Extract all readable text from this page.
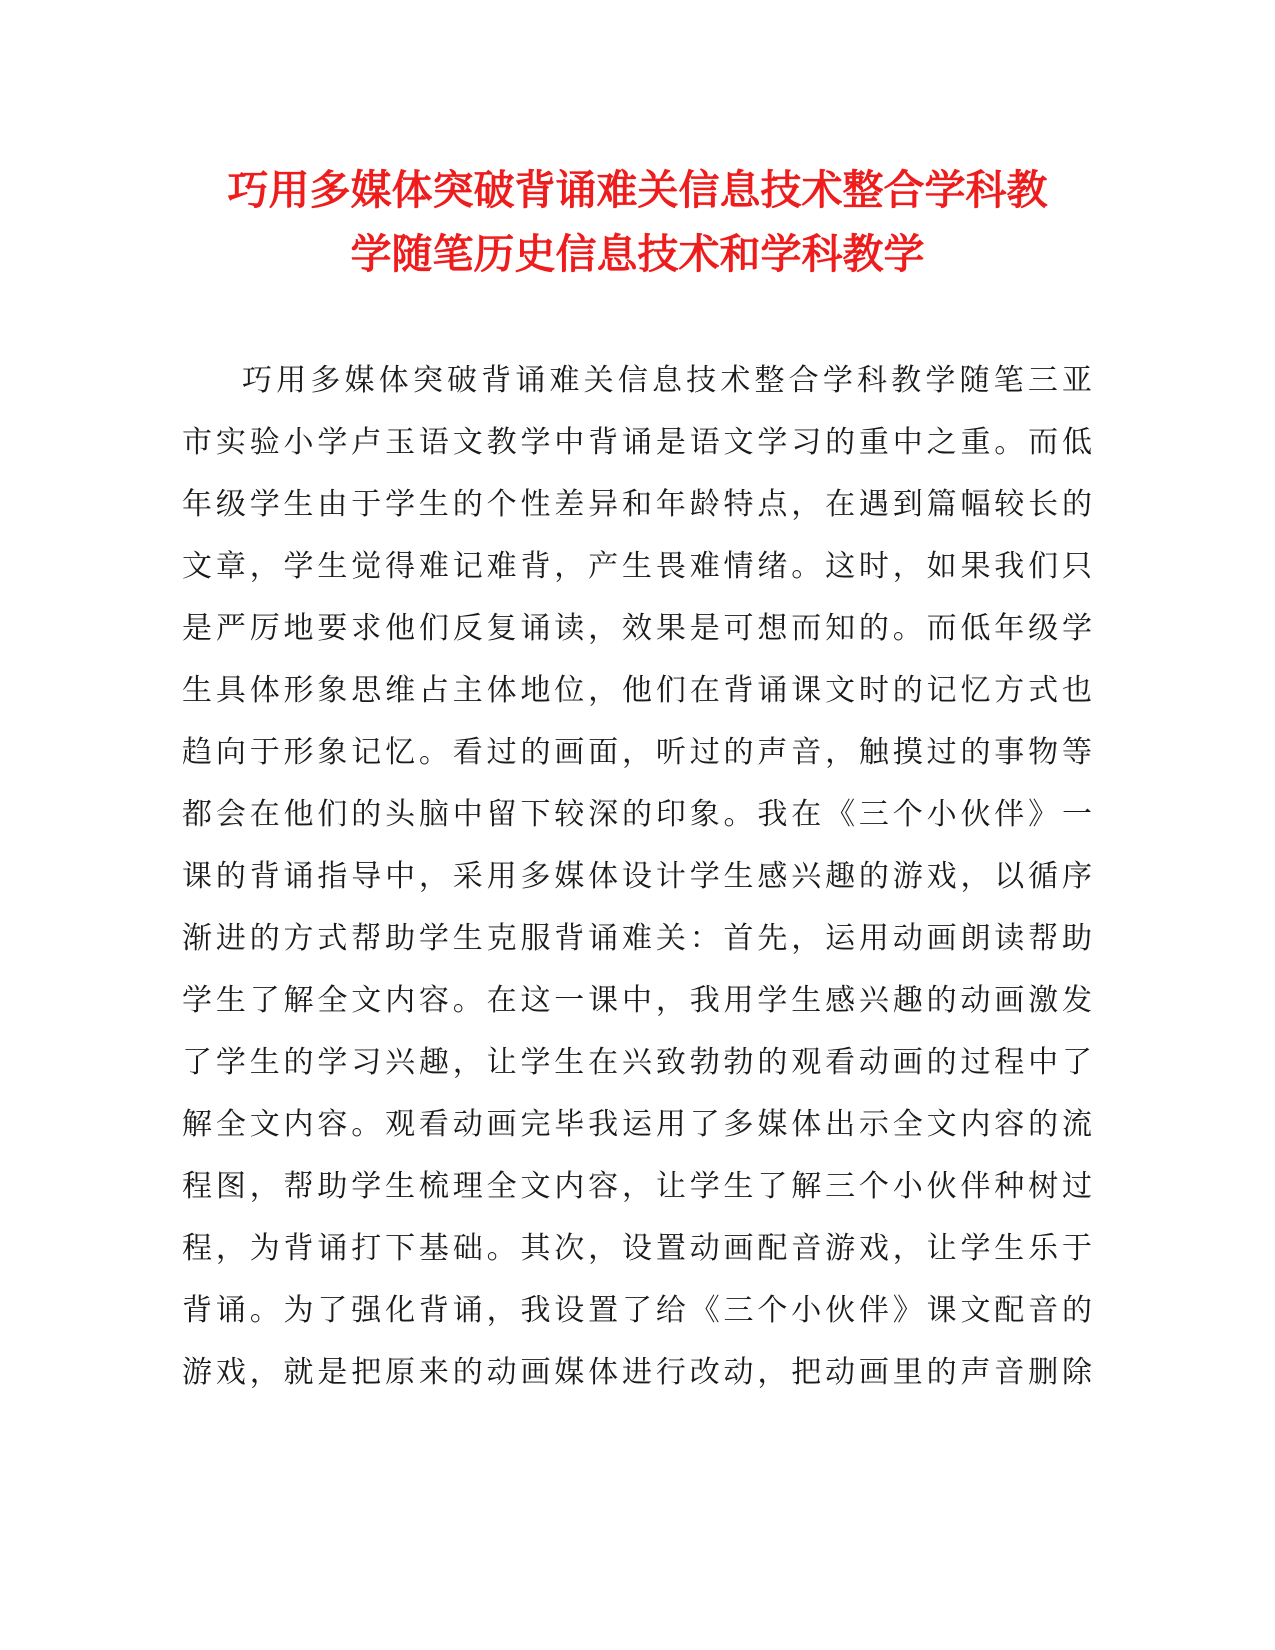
巧用多媒体突破背诵难关信息技术整合学科教
学随笔历史信息技术和学科教学
巧用多媒体突破背诵难关信息技术整合学科教学随笔三亚
市实验小学卢玉语文教学中背诵是语文学习的重中之重。而低
年级学生由于学生的个性差异和年龄特点，在遇到篇幅较长的
文章，学生觉得难记难背，产生畏难情绪。这时，如果我们只
是严厉地要求他们反复诵读，效果是可想而知的。而低年级学
生具体形象思维占主体地位，他们在背诵课文时的记忆方式也
趋向于形象记忆。看过的画面，听过的声音，触摸过的事物等
都会在他们的头脑中留下较深的印象。我在《三个小伙伴》一
课的背诵指导中，采用多媒体设计学生感兴趣的游戏，以循序
渐进的方式帮助学生克服背诵难关：首先，运用动画朗读帮助
学生了解全文内容。在这一课中，我用学生感兴趣的动画激发
了学生的学习兴趣，让学生在兴致勃勃的观看动画的过程中了
解全文内容。观看动画完毕我运用了多媒体出示全文内容的流
程图，帮助学生梳理全文内容，让学生了解三个小伙伴种树过
程，为背诵打下基础。其次，设置动画配音游戏，让学生乐于
背诵。为了强化背诵，我设置了给《三个小伙伴》课文配音的
游戏，就是把原来的动画媒体进行改动，把动画里的声音删除
